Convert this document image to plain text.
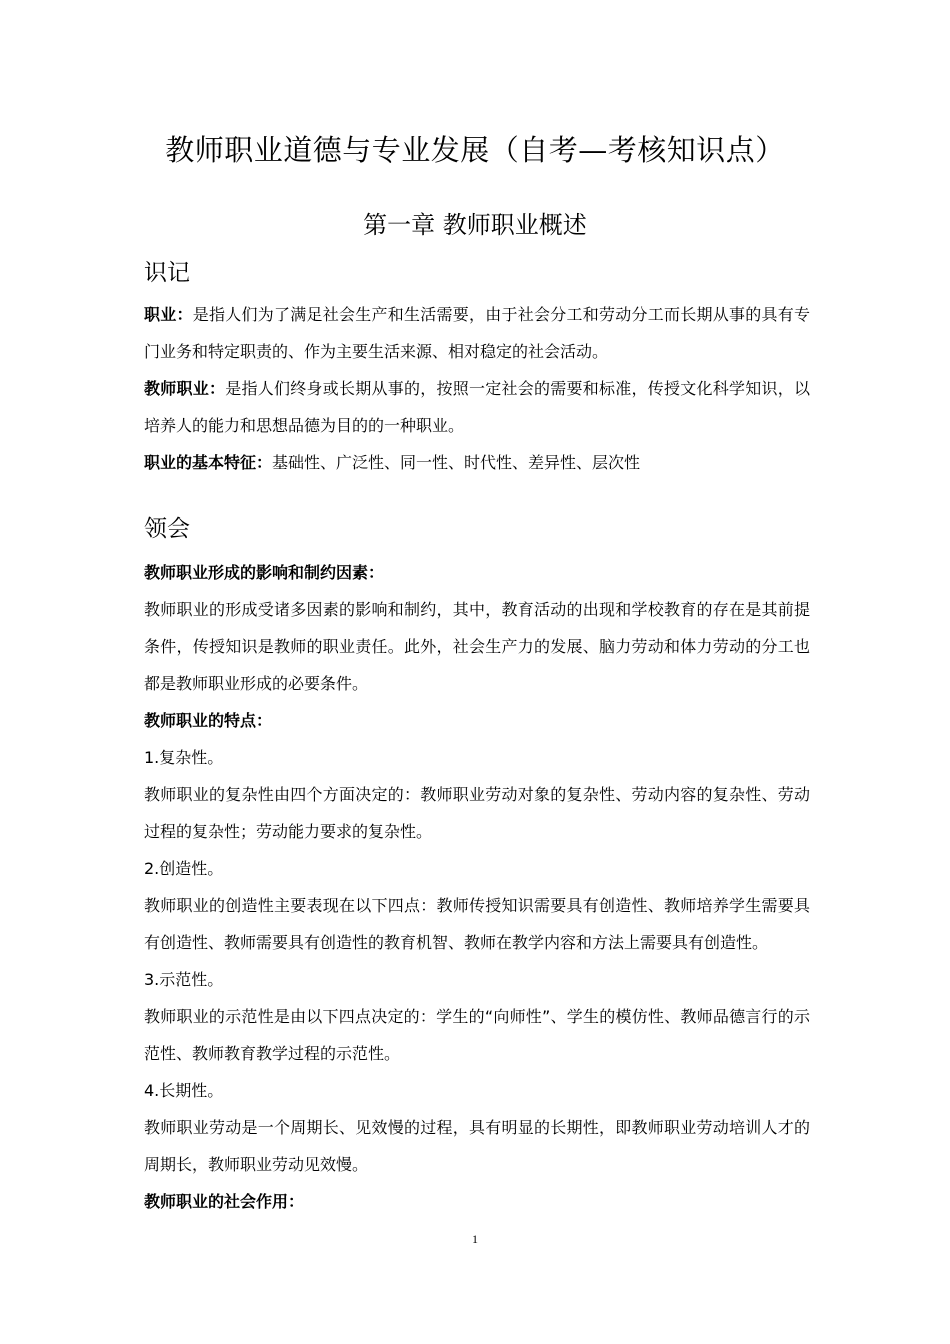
教师职业道德与专业发展（自考—考核知识点）
第一章 教师职业概述
识记

职业：是指人们为了满足社会生产和生活需要，由于社会分工和劳动分工而长期从事的具有专门业务和特定职责的、作为主要生活来源、相对稳定的社会活动。

教师职业：是指人们终身或长期从事的，按照一定社会的需要和标准，传授文化科学知识，以培养人的能力和思想品德为目的的一种职业。

职业的基本特征：基础性、广泛性、同一性、时代性、差异性、层次性

领会

教师职业形成的影响和制约因素：

教师职业的形成受诸多因素的影响和制约，其中，教育活动的出现和学校教育的存在是其前提条件，传授知识是教师的职业责任。此外，社会生产力的发展、脑力劳动和体力劳动的分工也都是教师职业形成的必要条件。

教师职业的特点：

1.复杂性。

教师职业的复杂性由四个方面决定的：教师职业劳动对象的复杂性、劳动内容的复杂性、劳动过程的复杂性；劳动能力要求的复杂性。

2.创造性。

教师职业的创造性主要表现在以下四点：教师传授知识需要具有创造性、教师培养学生需要具有创造性、教师需要具有创造性的教育机智、教师在教学内容和方法上需要具有创造性。

3.示范性。

教师职业的示范性是由以下四点决定的：学生的“向师性”、学生的模仿性、教师品德言行的示范性、教师教育教学过程的示范性。

4.长期性。

教师职业劳动是一个周期长、见效慢的过程，具有明显的长期性，即教师职业劳动培训人才的周期长，教师职业劳动见效慢。

教师职业的社会作用：

1
